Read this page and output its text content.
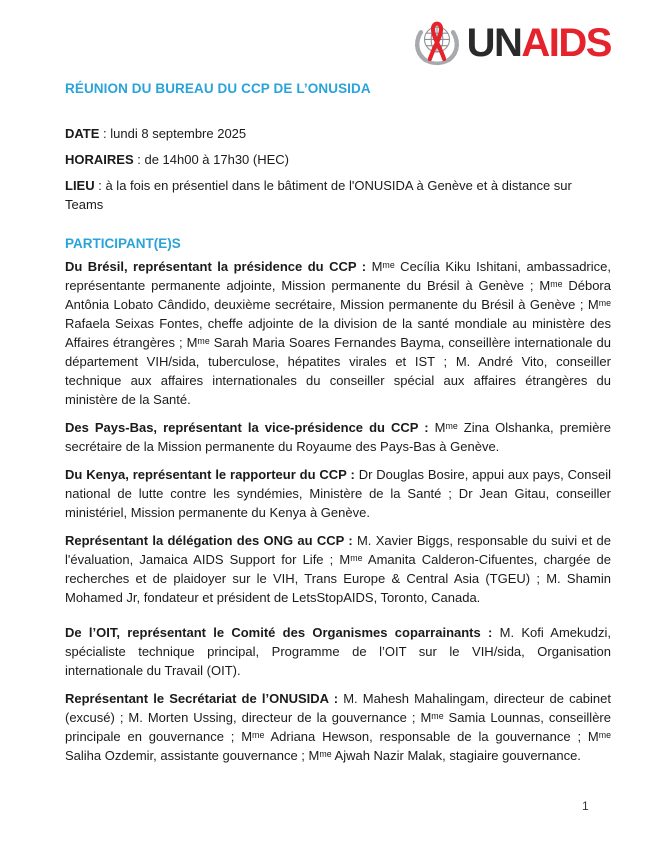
UNAIDS
RÉUNION DU BUREAU DU CCP DE L’ONUSIDA
DATE : lundi 8 septembre 2025
HORAIRES : de 14h00 à 17h30 (HEC)
LIEU : à la fois en présentiel dans le bâtiment de l'ONUSIDA à Genève et à distance sur Teams
PARTICIPANT(E)S

Du Brésil, représentant la présidence du CCP : Mᵐᵉ Cecília Kiku Ishitani, ambassadrice, représentante permanente adjointe, Mission permanente du Brésil à Genève ; Mᵐᵉ Débora Antônia Lobato Cândido, deuxième secrétaire, Mission permanente du Brésil à Genève ; Mᵐᵉ Rafaela Seixas Fontes, cheffe adjointe de la division de la santé mondiale au ministère des Affaires étrangères ; Mᵐᵉ Sarah Maria Soares Fernandes Bayma, conseillère internationale du département VIH/sida, tuberculose, hépatites virales et IST ; M. André Vito, conseiller technique aux affaires internationales du conseiller spécial aux affaires étrangères du ministère de la Santé.

Des Pays-Bas, représentant la vice-présidence du CCP : Mᵐᵉ Zina Olshanka, première secrétaire de la Mission permanente du Royaume des Pays-Bas à Genève.

Du Kenya, représentant le rapporteur du CCP : Dr Douglas Bosire, appui aux pays, Conseil national de lutte contre les syndémies, Ministère de la Santé ; Dr Jean Gitau, conseiller ministériel, Mission permanente du Kenya à Genève.

Représentant la délégation des ONG au CCP : M. Xavier Biggs, responsable du suivi et de l'évaluation, Jamaica AIDS Support for Life ; Mᵐᵉ Amanita Calderon-Cifuentes, chargée de recherches et de plaidoyer sur le VIH, Trans Europe & Central Asia (TGEU) ; M. Shamin Mohamed Jr, fondateur et président de LetsStopAIDS, Toronto, Canada.

De l’OIT, représentant le Comité des Organismes coparrainants : M. Kofi Amekudzi, spécialiste technique principal, Programme de l’OIT sur le VIH/sida, Organisation internationale du Travail (OIT).

Représentant le Secrétariat de l’ONUSIDA : M. Mahesh Mahalingam, directeur de cabinet (excusé) ; M. Morten Ussing, directeur de la gouvernance ; Mᵐᵉ Samia Lounnas, conseillère principale en gouvernance ; Mᵐᵉ Adriana Hewson, responsable de la gouvernance ; Mᵐᵉ Saliha Ozdemir, assistante gouvernance ; Mᵐᵉ Ajwah Nazir Malak, stagiaire gouvernance.

1
